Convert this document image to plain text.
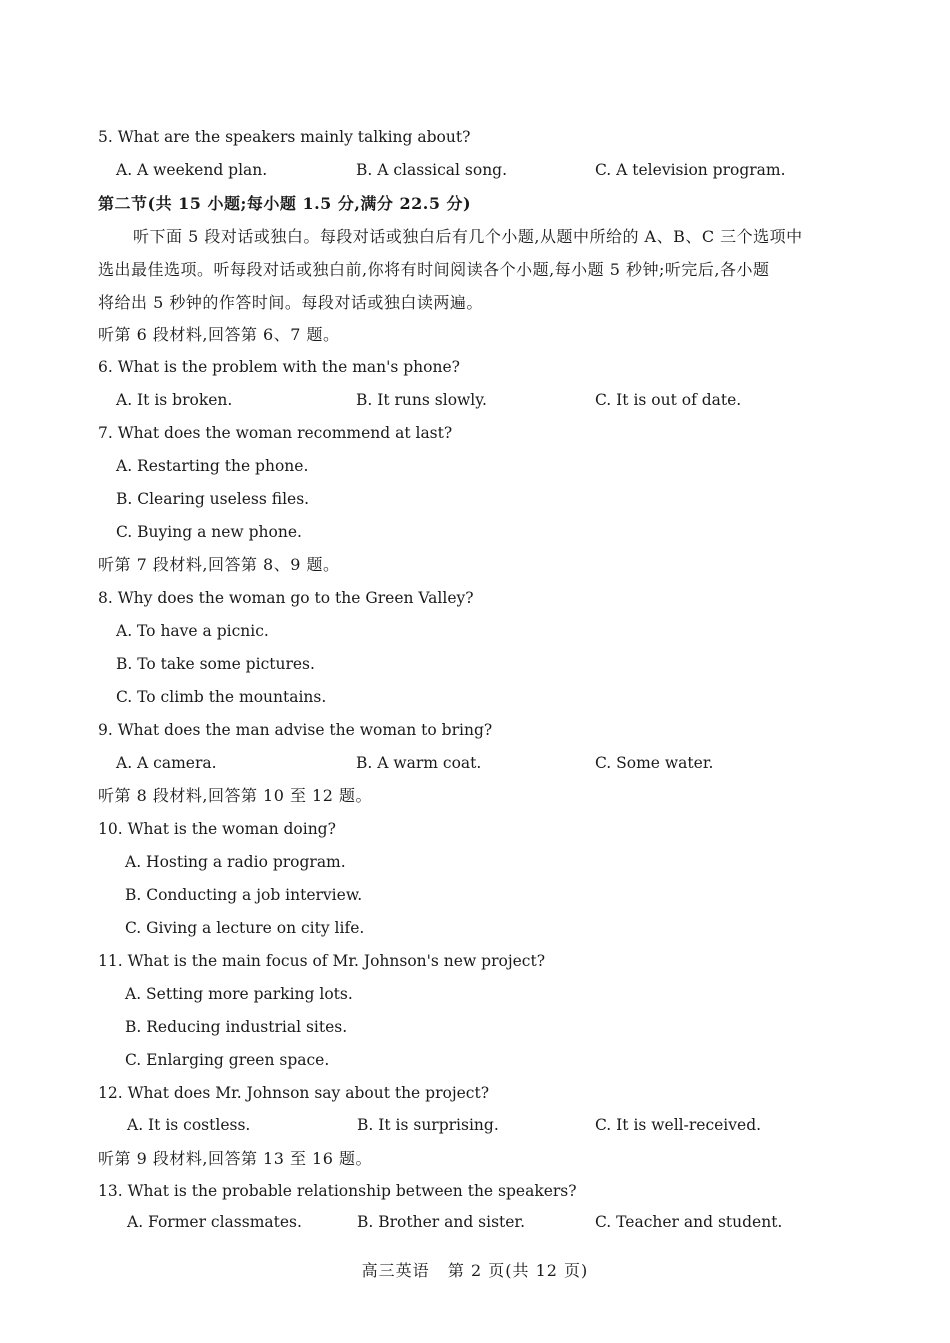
5. What are the speakers mainly talking about?
A. A weekend plan.	B. A classical song.	C. A television program.
第二节(共 15 小题;每小题 1.5 分,满分 22.5 分)
听下面 5 段对话或独白。每段对话或独白后有几个小题,从题中所给的 A、B、C 三个选项中
选出最佳选项。听每段对话或独白前,你将有时间阅读各个小题,每小题 5 秒钟;听完后,各小题
将给出 5 秒钟的作答时间。每段对话或独白读两遍。
听第 6 段材料,回答第 6、7 题。
6. What is the problem with the man's phone?
A. It is broken.	B. It runs slowly.	C. It is out of date.
7. What does the woman recommend at last?
A. Restarting the phone.
B. Clearing useless files.
C. Buying a new phone.
听第 7 段材料,回答第 8、9 题。
8. Why does the woman go to the Green Valley?
A. To have a picnic.
B. To take some pictures.
C. To climb the mountains.
9. What does the man advise the woman to bring?
A. A camera.	B. A warm coat.	C. Some water.
听第 8 段材料,回答第 10 至 12 题。
10. What is the woman doing?
A. Hosting a radio program.
B. Conducting a job interview.
C. Giving a lecture on city life.
11. What is the main focus of Mr. Johnson's new project?
A. Setting more parking lots.
B. Reducing industrial sites.
C. Enlarging green space.
12. What does Mr. Johnson say about the project?
A. It is costless.	B. It is surprising.	C. It is well-received.
听第 9 段材料,回答第 13 至 16 题。
13. What is the probable relationship between the speakers?
A. Former classmates.	B. Brother and sister.	C. Teacher and student.
高三英语   第 2 页(共 12 页)
